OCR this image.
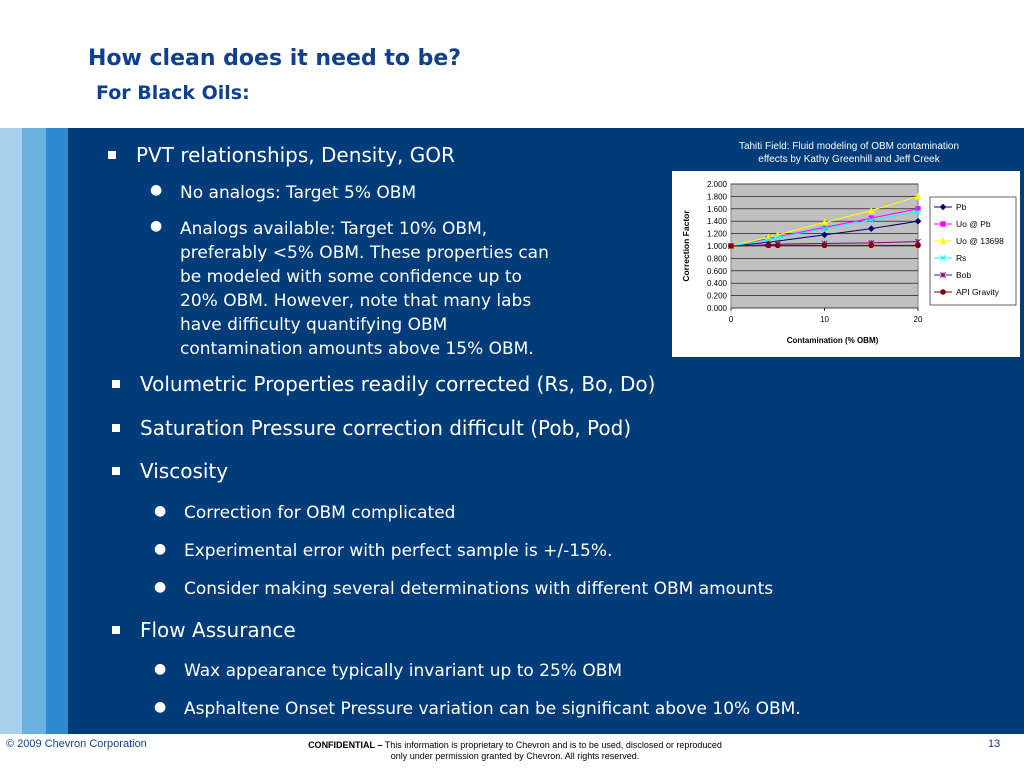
How clean does it need to be?
For Black Oils:
PVT relationships, Density, GOR
● No analogs: Target 5% OBM
● Analogs available: Target 10% OBM,
preferably <5% OBM. These properties can
be modeled with some confidence up to
20% OBM. However, note that many labs
have difficulty quantifying OBM
contamination amounts above 15% OBM.
Volumetric Properties readily corrected (Rs, Bo, Do)
Saturation Pressure correction difficult (Pob, Pod)
Viscosity
● Correction for OBM complicated
● Experimental error with perfect sample is +/-15%.
● Consider making several determinations with different OBM amounts
Flow Assurance
● Wax appearance typically invariant up to 25% OBM
● Asphaltene Onset Pressure variation can be significant above 10% OBM.
Tahiti Field: Fluid modeling of OBM contamination
effects by Kathy Greenhill and Jeff Creek
0.000
0.200
0.400
0.600
0.800
1.000
1.200
1.400
1.600
1.800
2.000
0	10	20
Contamination (% OBM)
Correction Factor
Pb
Uo @ Pb
Uo @ 13698
Rs
Bob
API Gravity
© 2009 Chevron Corporation	CONFIDENTIAL – This information is proprietary to Chevron and is to be used, disclosed or reproduced
only under permission granted by Chevron. All rights reserved.
13
